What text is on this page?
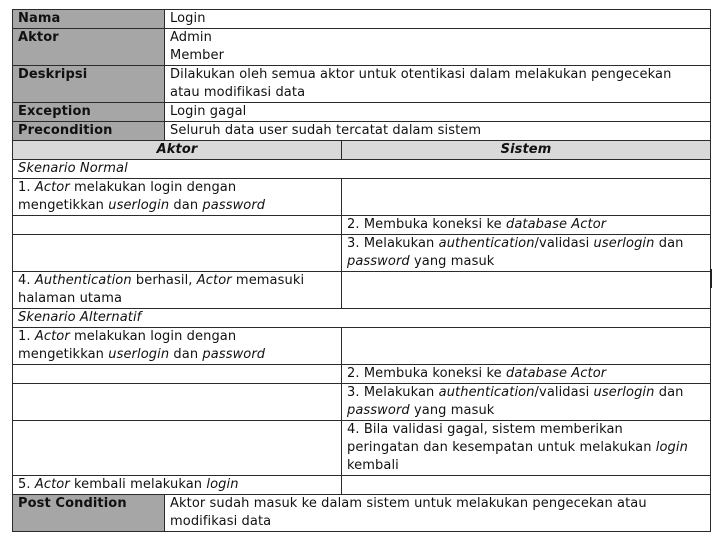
Nama	Login	
Aktor	Admin
Member	

Deskripsi	Dilakukan oleh semua aktor untuk otentikasi dalam melakukan pengecekan
atau modifikasi data	

Exception	Login gagal	
Precondition	Seluruh data user sudah tercatat dalam sistem	
Aktor		Sistem
Skenario Normal		

1. Actor melakukan login dengan
mengetikkan userlogin dan password		

		2. Membuka koneksi ke database Actor

		3. Melakukan authentication/validasi userlogin dan
password yang masuk

4. Authentication berhasil, Actor memasuki
halaman utama		

Skenario Alternatif		

1. Actor melakukan login dengan
mengetikkan userlogin dan password		

		2. Membuka koneksi ke database Actor

		3. Melakukan authentication/validasi userlogin dan
password yang masuk

		4. Bila validasi gagal, sistem memberikan
peringatan dan kesempatan untuk melakukan login
kembali

5. Actor kembali melakukan login		
Post Condition	Aktor sudah masuk ke dalam sistem untuk melakukan pengecekan atau
modifikasi data	
